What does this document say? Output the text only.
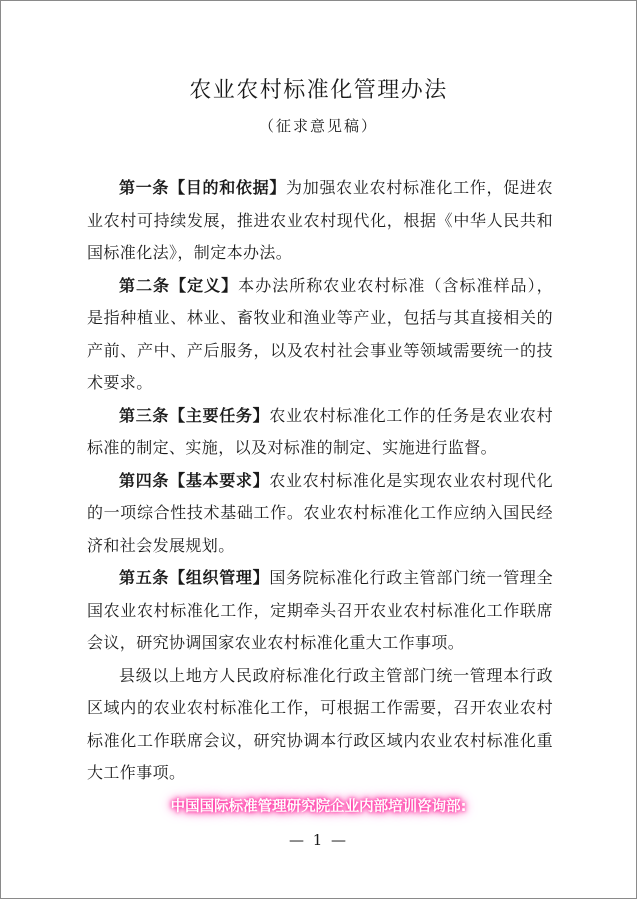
农业农村标准化管理办法
（征求意见稿）

第一条【目的和依据】为加强农业农村标准化工作，促进农业农村可持续发展，推进农业农村现代化，根据《中华人民共和国标准化法》，制定本办法。

第二条【定义】本办法所称农业农村标准（含标准样品），是指种植业、林业、畜牧业和渔业等产业，包括与其直接相关的产前、产中、产后服务，以及农村社会事业等领域需要统一的技术要求。

第三条【主要任务】农业农村标准化工作的任务是农业农村标准的制定、实施，以及对标准的制定、实施进行监督。

第四条【基本要求】农业农村标准化是实现农业农村现代化的一项综合性技术基础工作。农业农村标准化工作应纳入国民经济和社会发展规划。

第五条【组织管理】国务院标准化行政主管部门统一管理全国农业农村标准化工作，定期牵头召开农业农村标准化工作联席会议，研究协调国家农业农村标准化重大工作事项。

县级以上地方人民政府标准化行政主管部门统一管理本行政区域内的农业农村标准化工作，可根据工作需要，召开农业农村标准化工作联席会议，研究协调本行政区域内农业农村标准化重大工作事项。

中国国际标准管理研究院企业内部培训咨询部:
— 1 —
